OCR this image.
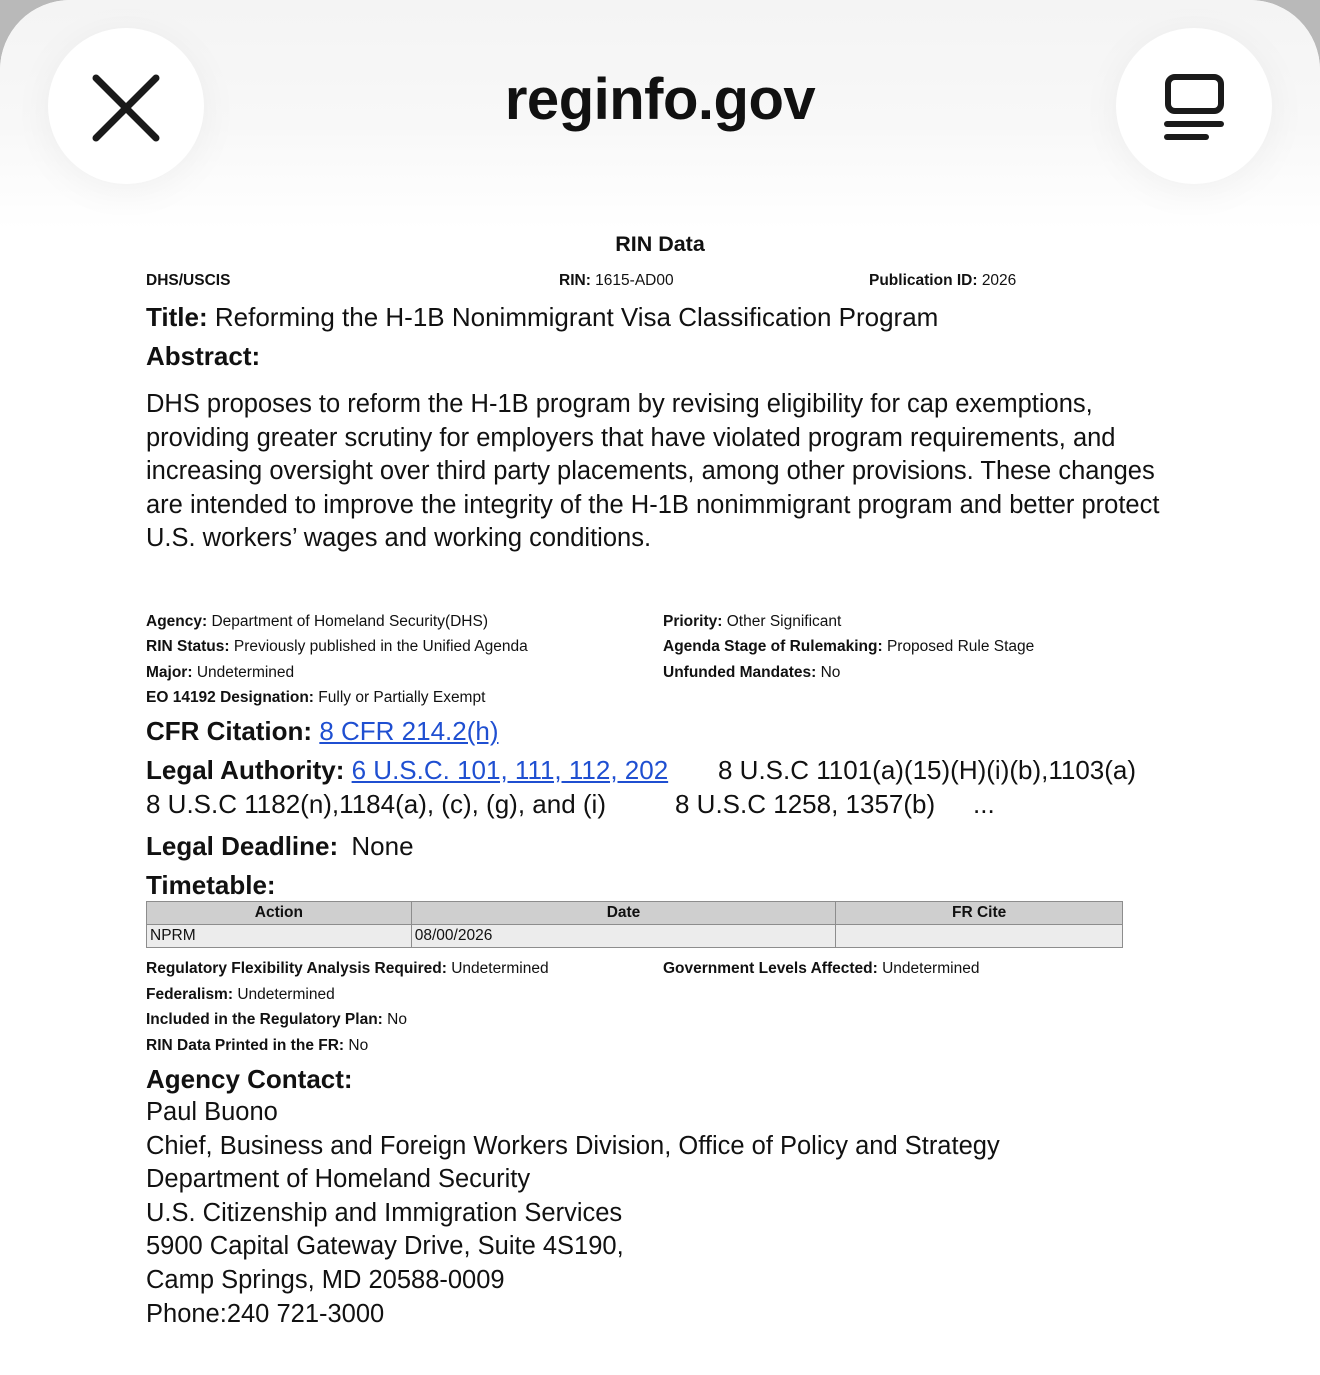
reginfo.gov
RIN Data
DHS/USCIS	RIN: 1615-AD00	Publication ID: 2026
Title: Reforming the H-1B Nonimmigrant Visa Classification Program
Abstract:
DHS proposes to reform the H-1B program by revising eligibility for cap exemptions, providing greater scrutiny for employers that have violated program requirements, and increasing oversight over third party placements, among other provisions. These changes are intended to improve the integrity of the H-1B nonimmigrant program and better protect U.S. workers’ wages and working conditions.
Agency: Department of Homeland Security(DHS)
RIN Status: Previously published in the Unified Agenda
Major: Undetermined
EO 14192 Designation: Fully or Partially Exempt
Priority: Other Significant
Agenda Stage of Rulemaking: Proposed Rule Stage
Unfunded Mandates: No
CFR Citation: 8 CFR 214.2(h)
Legal Authority: 6 U.S.C. 101, 111, 112, 202 8 U.S.C 1101(a)(15)(H)(i)(b),1103(a)
8 U.S.C 1182(n),1184(a), (c), (g), and (i)	8 U.S.C 1258, 1357(b) ...
Legal Deadline: None
Timetable:
Action	Date	FR Cite
NPRM	08/00/2026	
Regulatory Flexibility Analysis Required: Undetermined
Federalism: Undetermined
Included in the Regulatory Plan: No
RIN Data Printed in the FR: No
Government Levels Affected: Undetermined
Agency Contact:
Paul Buono
Chief, Business and Foreign Workers Division, Office of Policy and Strategy
Department of Homeland Security
U.S. Citizenship and Immigration Services
5900 Capital Gateway Drive, Suite 4S190,
Camp Springs, MD 20588-0009
Phone:240 721-3000
